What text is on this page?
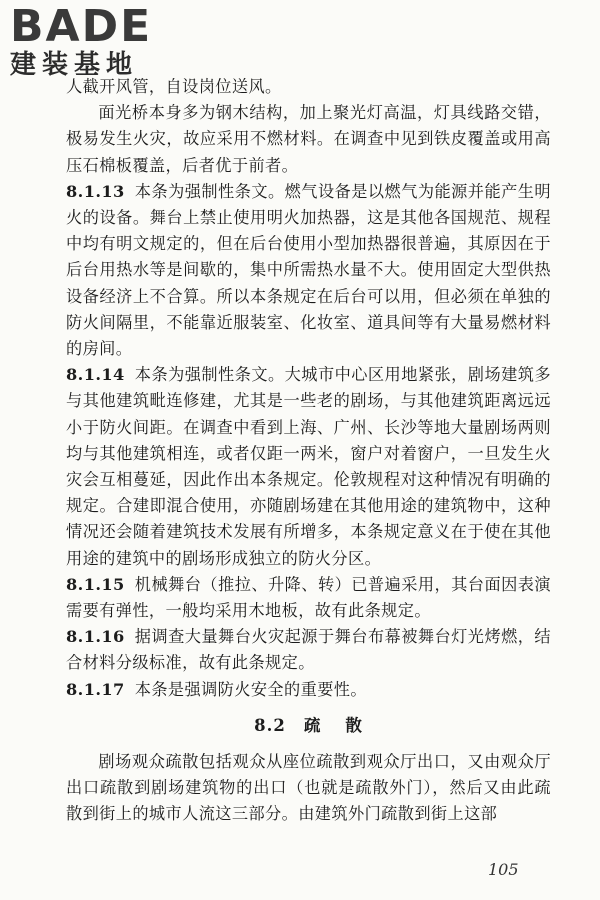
BADE
建装基地

人截开风管，自设岗位送风。

面光桥本身多为钢木结构，加上聚光灯高温，灯具线路交错，极易发生火灾，故应采用不燃材料。在调查中见到铁皮覆盖或用高压石棉板覆盖，后者优于前者。

8.1.13 本条为强制性条文。燃气设备是以燃气为能源并能产生明火的设备。舞台上禁止使用明火加热器，这是其他各国规范、规程中均有明文规定的，但在后台使用小型加热器很普遍，其原因在于后台用热水等是间歇的，集中所需热水量不大。使用固定大型供热设备经济上不合算。所以本条规定在后台可以用，但必须在单独的防火间隔里，不能靠近服装室、化妆室、道具间等有大量易燃材料的房间。

8.1.14 本条为强制性条文。大城市中心区用地紧张，剧场建筑多与其他建筑毗连修建，尤其是一些老的剧场，与其他建筑距离远远小于防火间距。在调查中看到上海、广州、长沙等地大量剧场两则均与其他建筑相连，或者仅距一两米，窗户对着窗户，一旦发生火灾会互相蔓延，因此作出本条规定。伦敦规程对这种情况有明确的规定。合建即混合使用，亦随剧场建在其他用途的建筑物中，这种情况还会随着建筑技术发展有所增多，本条规定意义在于使在其他用途的建筑中的剧场形成独立的防火分区。

8.1.15 机械舞台（推拉、升降、转）已普遍采用，其台面因表演需要有弹性，一般均采用木地板，故有此条规定。

8.1.16 据调查大量舞台火灾起源于舞台布幕被舞台灯光烤燃，结合材料分级标准，故有此条规定。

8.1.17 本条是强调防火安全的重要性。

8.2 疏 散

剧场观众疏散包括观众从座位疏散到观众厅出口，又由观众厅出口疏散到剧场建筑物的出口（也就是疏散外门），然后又由此疏散到街上的城市人流这三部分。由建筑外门疏散到街上这部

105
